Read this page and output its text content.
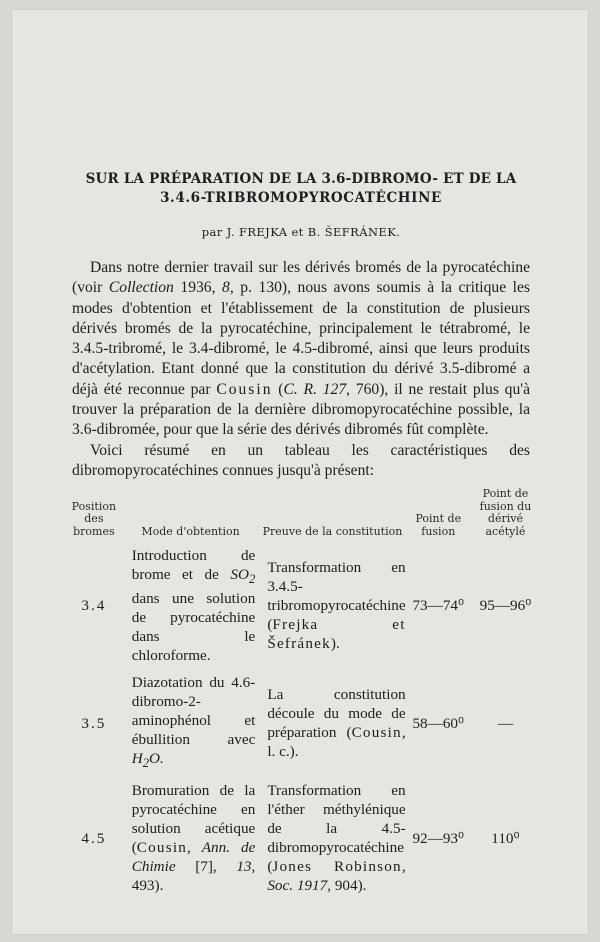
SUR LA PRÉPARATION DE LA 3.6-DIBROMO- ET DE LA
3.4.6-TRIBROMOPYROCATÉCHINE
par J. FREJKA et B. ŠEFRÁNEK.

Dans notre dernier travail sur les dérivés bromés de la pyrocatéchine (voir Collection 1936, 8, p. 130), nous avons soumis à la critique les modes d'obtention et l'établissement de la constitution de plusieurs dérivés bromés de la pyrocatéchine, principalement le tétrabromé, le 3.4.5-tribromé, le 3.4-dibromé, le 4.5-dibromé, ainsi que leurs produits d'acétylation. Etant donné que la constitution du dérivé 3.5-dibromé a déjà été reconnue par Cousin (C. R. 127, 760), il ne restait plus qu'à trouver la préparation de la dernière dibromopyrocatéchine possible, la 3.6-dibromée, pour que la série des dérivés dibromés fût complète.

Voici résumé en un tableau les caractéristiques des dibromopyrocatéchines connues jusqu'à présent:

Position des bromes	Mode d'obtention	Preuve de la constitution	Point de fusion	Point de fusion du dérivé acétylé
3.4	Introduction de brome et de $SO_2$ dans une solution de pyrocatéchine dans le chloroforme.	Transformation en 3.4.5-tribromopyrocatéchine (Frejka et Šefránek).	73—74⁰	95—96⁰
3.5	Diazotation du 4.6-dibromo-2-aminophénol et ébullition avec $H_2O$.	La constitution découle du mode de préparation (Cousin, l. c.).	58—60⁰	—
4.5	Bromuration de la pyrocatéchine en solution acétique (Cousin, Ann. de Chimie [7], 13, 493).	Transformation en l'éther méthylénique de la 4.5-dibromopyrocatéchine (Jones Robinson, Soc. 1917, 904).	92—93⁰	110⁰
